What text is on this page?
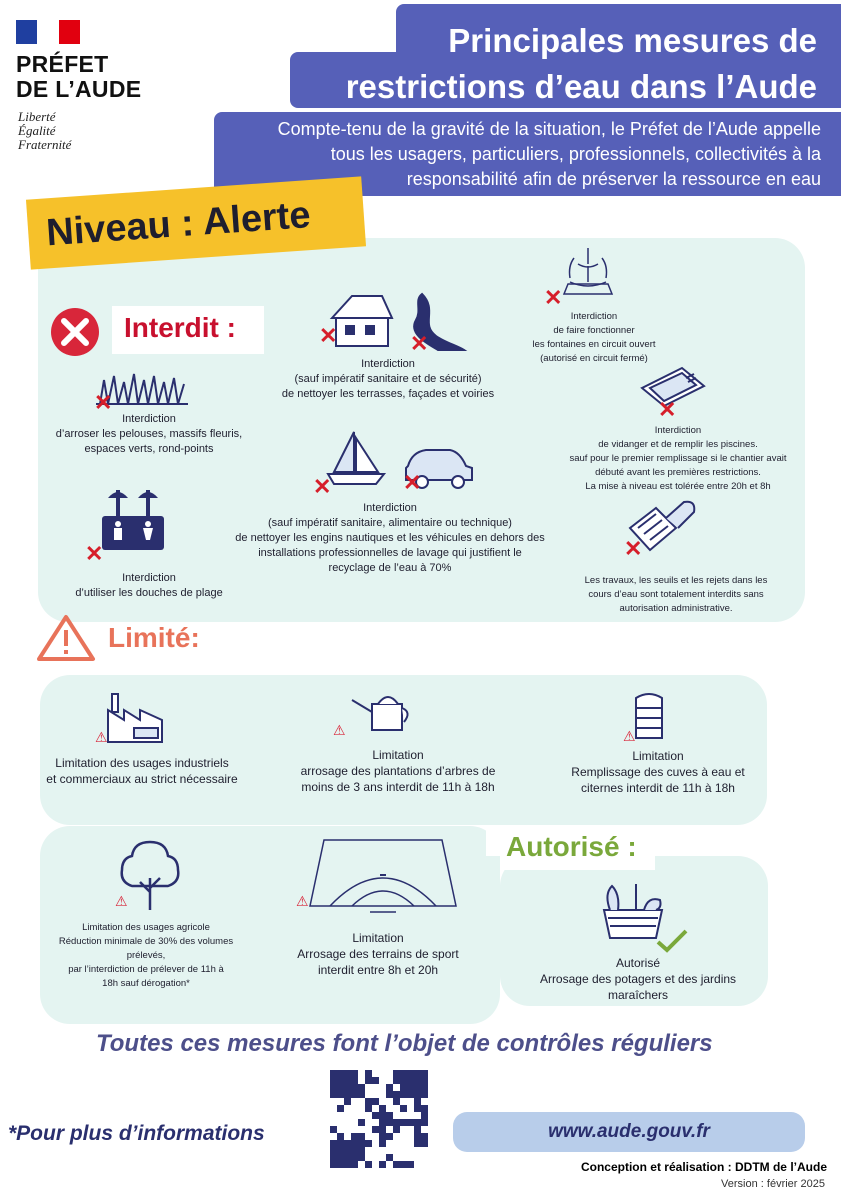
PRÉFET
DE L’AUDE
Liberté
Égalité
Fraternité
Principales mesures de
restrictions d’eau dans l’Aude
Compte-tenu de la gravité de la situation, le Préfet de l’Aude appelle
tous les usagers, particuliers, professionnels, collectivités à la
responsabilité afin de préserver la ressource en eau
Niveau : Alerte
Interdit :
✕
Interdiction
d’arroser les pelouses, massifs fleuris,
espaces verts, rond-points
✕	✕
Interdiction
(sauf impératif sanitaire et de sécurité)
de nettoyer les terrasses, façades et voiries
✕
Interdiction
de faire fonctionner
les fontaines en circuit ouvert
(autorisé en circuit fermé)
✕
Interdiction
de vidanger et de remplir les piscines.
sauf pour le premier remplissage si le chantier avait
débuté avant les premières restrictions.
La mise à niveau est tolérée entre 20h et 8h
✕	✕
Interdiction
(sauf impératif sanitaire, alimentaire ou technique)
de nettoyer les engins nautiques et les véhicules en dehors des
installations professionnelles de lavage qui justifient le
recyclage de l’eau à 70%
✕
Interdiction
d’utiliser les douches de plage
✕
Les travaux, les seuils et les rejets dans les
cours d’eau sont totalement interdits sans
autorisation administrative.
Limité:
⚠
Limitation des usages industriels
et commerciaux au strict nécessaire
⚠
Limitation
arrosage des plantations d’arbres de
moins de 3 ans interdit de 11h à 18h
⚠
Limitation
Remplissage des cuves à eau et
citernes interdit de 11h à 18h
⚠
Limitation des usages agricole
Réduction minimale de 30% des volumes
prélevés,
par l’interdiction de prélever de 11h à
18h sauf dérogation*
⚠
Limitation
Arrosage des terrains de sport
interdit entre 8h et 20h
Autorisé :
Autorisé
Arrosage des potagers et des jardins
maraîchers
Toutes ces mesures font l’objet de contrôles réguliers
*Pour plus d’informations	www.aude.gouv.fr
Conception et réalisation : DDTM de l’Aude
Version : février 2025
